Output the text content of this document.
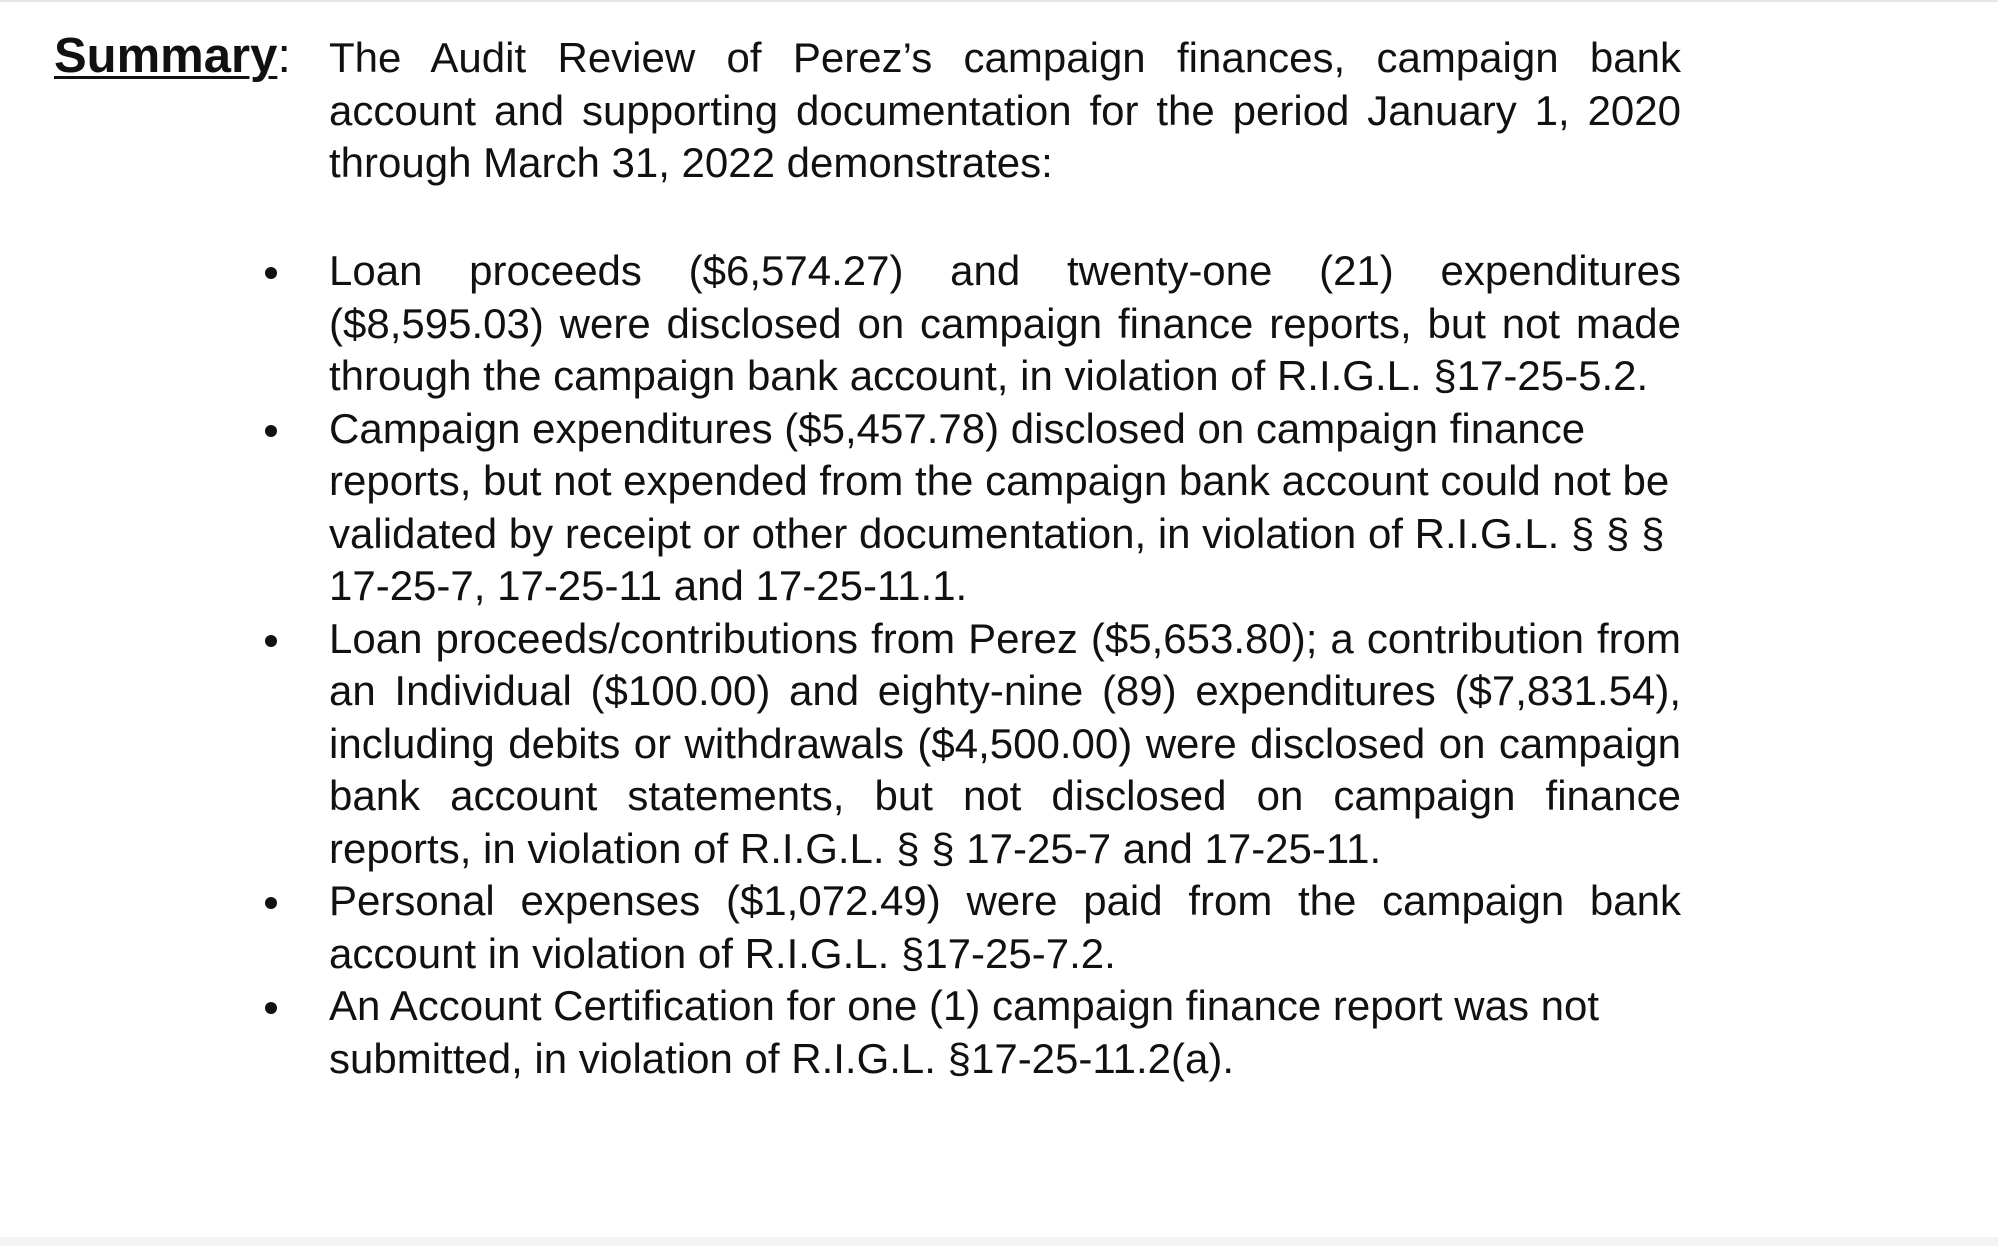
Summary: The Audit Review of Perez’s campaign finances, campaign bank account and supporting documentation for the period January 1, 2020 through March 31, 2022 demonstrates:

Loan proceeds ($6,574.27) and twenty-one (21) expenditures ($8,595.03) were disclosed on campaign finance reports, but not made through the campaign bank account, in violation of R.I.G.L. §17-25-5.2.
Campaign expenditures ($5,457.78) disclosed on campaign finance reports, but not expended from the campaign bank account could not be validated by receipt or other documentation, in violation of R.I.G.L. § § § 17-25-7, 17-25-11 and 17-25-11.1.
Loan proceeds/contributions from Perez ($5,653.80); a contribution from an Individual ($100.00) and eighty-nine (89) expenditures ($7,831.54), including debits or withdrawals ($4,500.00) were disclosed on campaign bank account statements, but not disclosed on campaign finance reports, in violation of R.I.G.L. § § 17-25-7 and 17-25-11.
Personal expenses ($1,072.49) were paid from the campaign bank account in violation of R.I.G.L. §17-25-7.2.
An Account Certification for one (1) campaign finance report was not submitted, in violation of R.I.G.L. §17-25-11.2(a).
